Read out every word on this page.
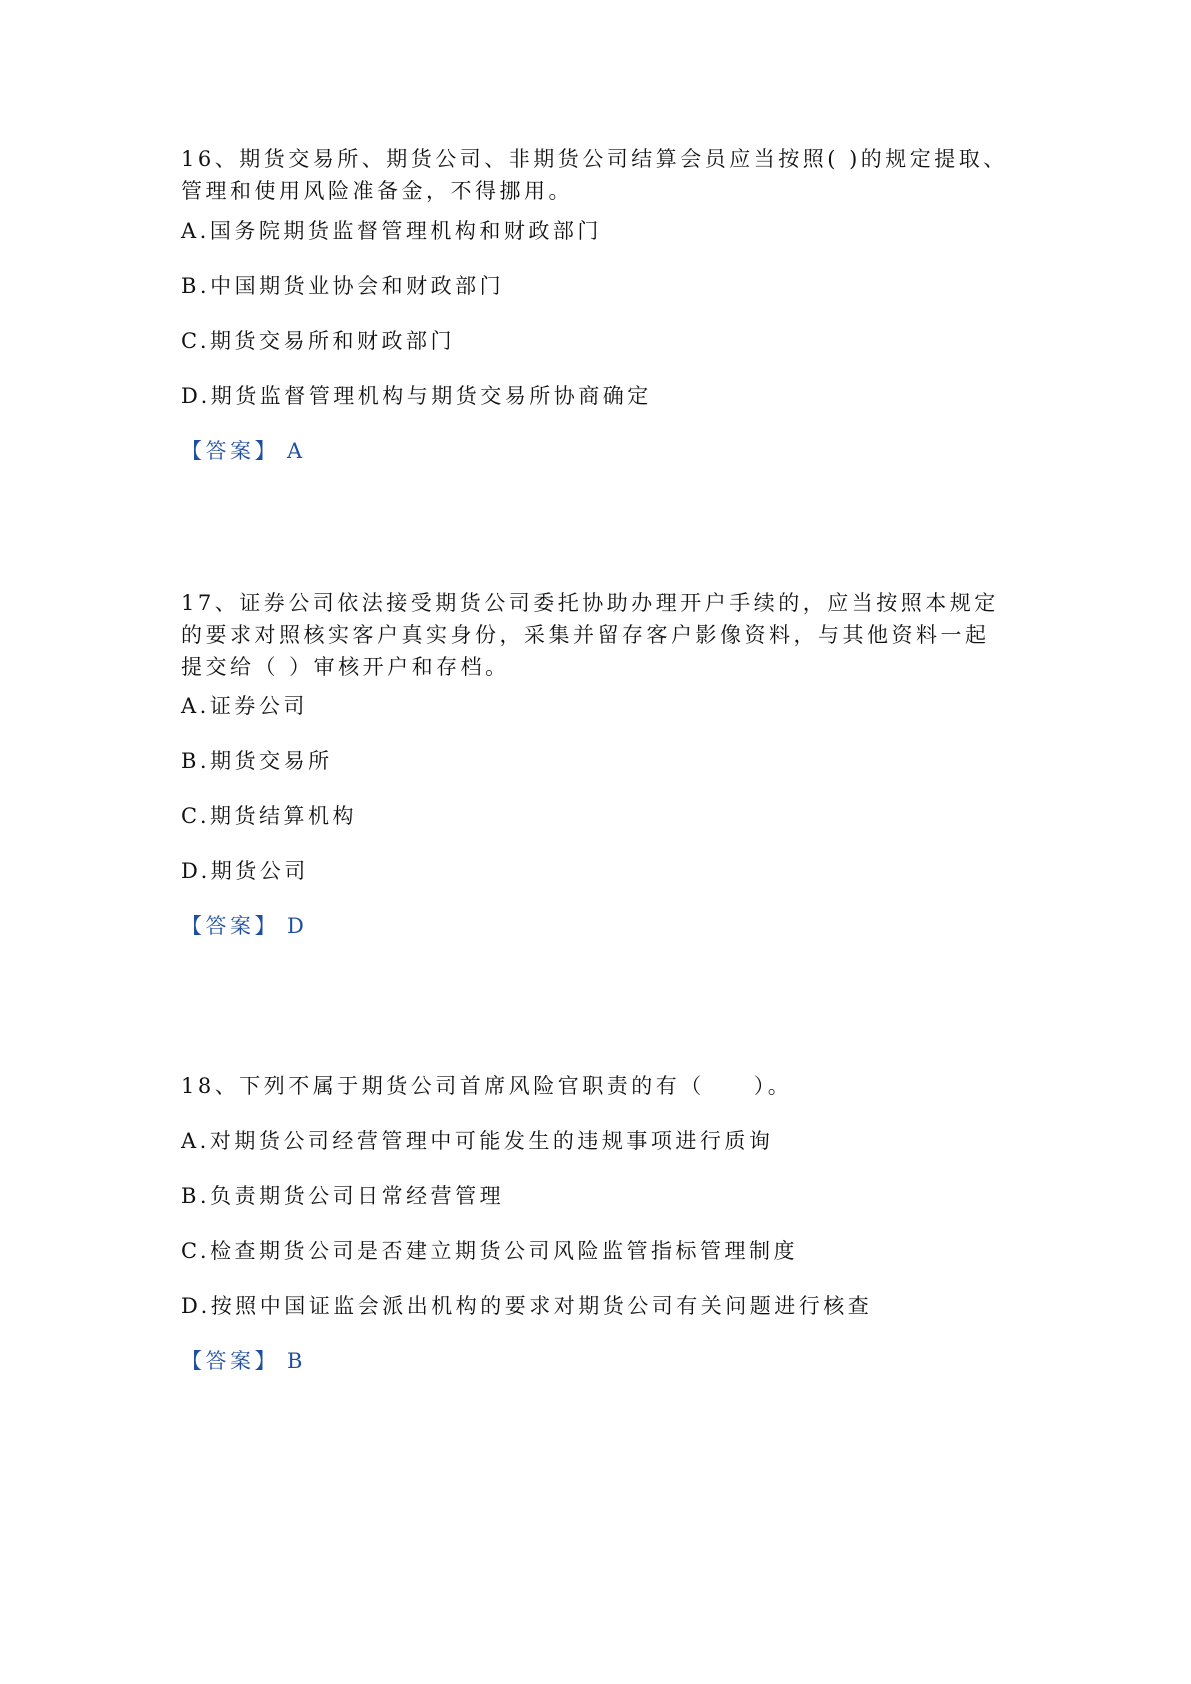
16、期货交易所、期货公司、非期货公司结算会员应当按照( )的规定提取、管理和使用风险准备金，不得挪用。

A.国务院期货监督管理机构和财政部门

B.中国期货业协会和财政部门

C.期货交易所和财政部门

D.期货监督管理机构与期货交易所协商确定

【答案】 A

17、证券公司依法接受期货公司委托协助办理开户手续的，应当按照本规定的要求对照核实客户真实身份，采集并留存客户影像资料，与其他资料一起提交给（ ）审核开户和存档。

A.证券公司

B.期货交易所

C.期货结算机构

D.期货公司

【答案】 D

18、下列不属于期货公司首席风险官职责的有（　　）。

A.对期货公司经营管理中可能发生的违规事项进行质询

B.负责期货公司日常经营管理

C.检查期货公司是否建立期货公司风险监管指标管理制度

D.按照中国证监会派出机构的要求对期货公司有关问题进行核查

【答案】 B
